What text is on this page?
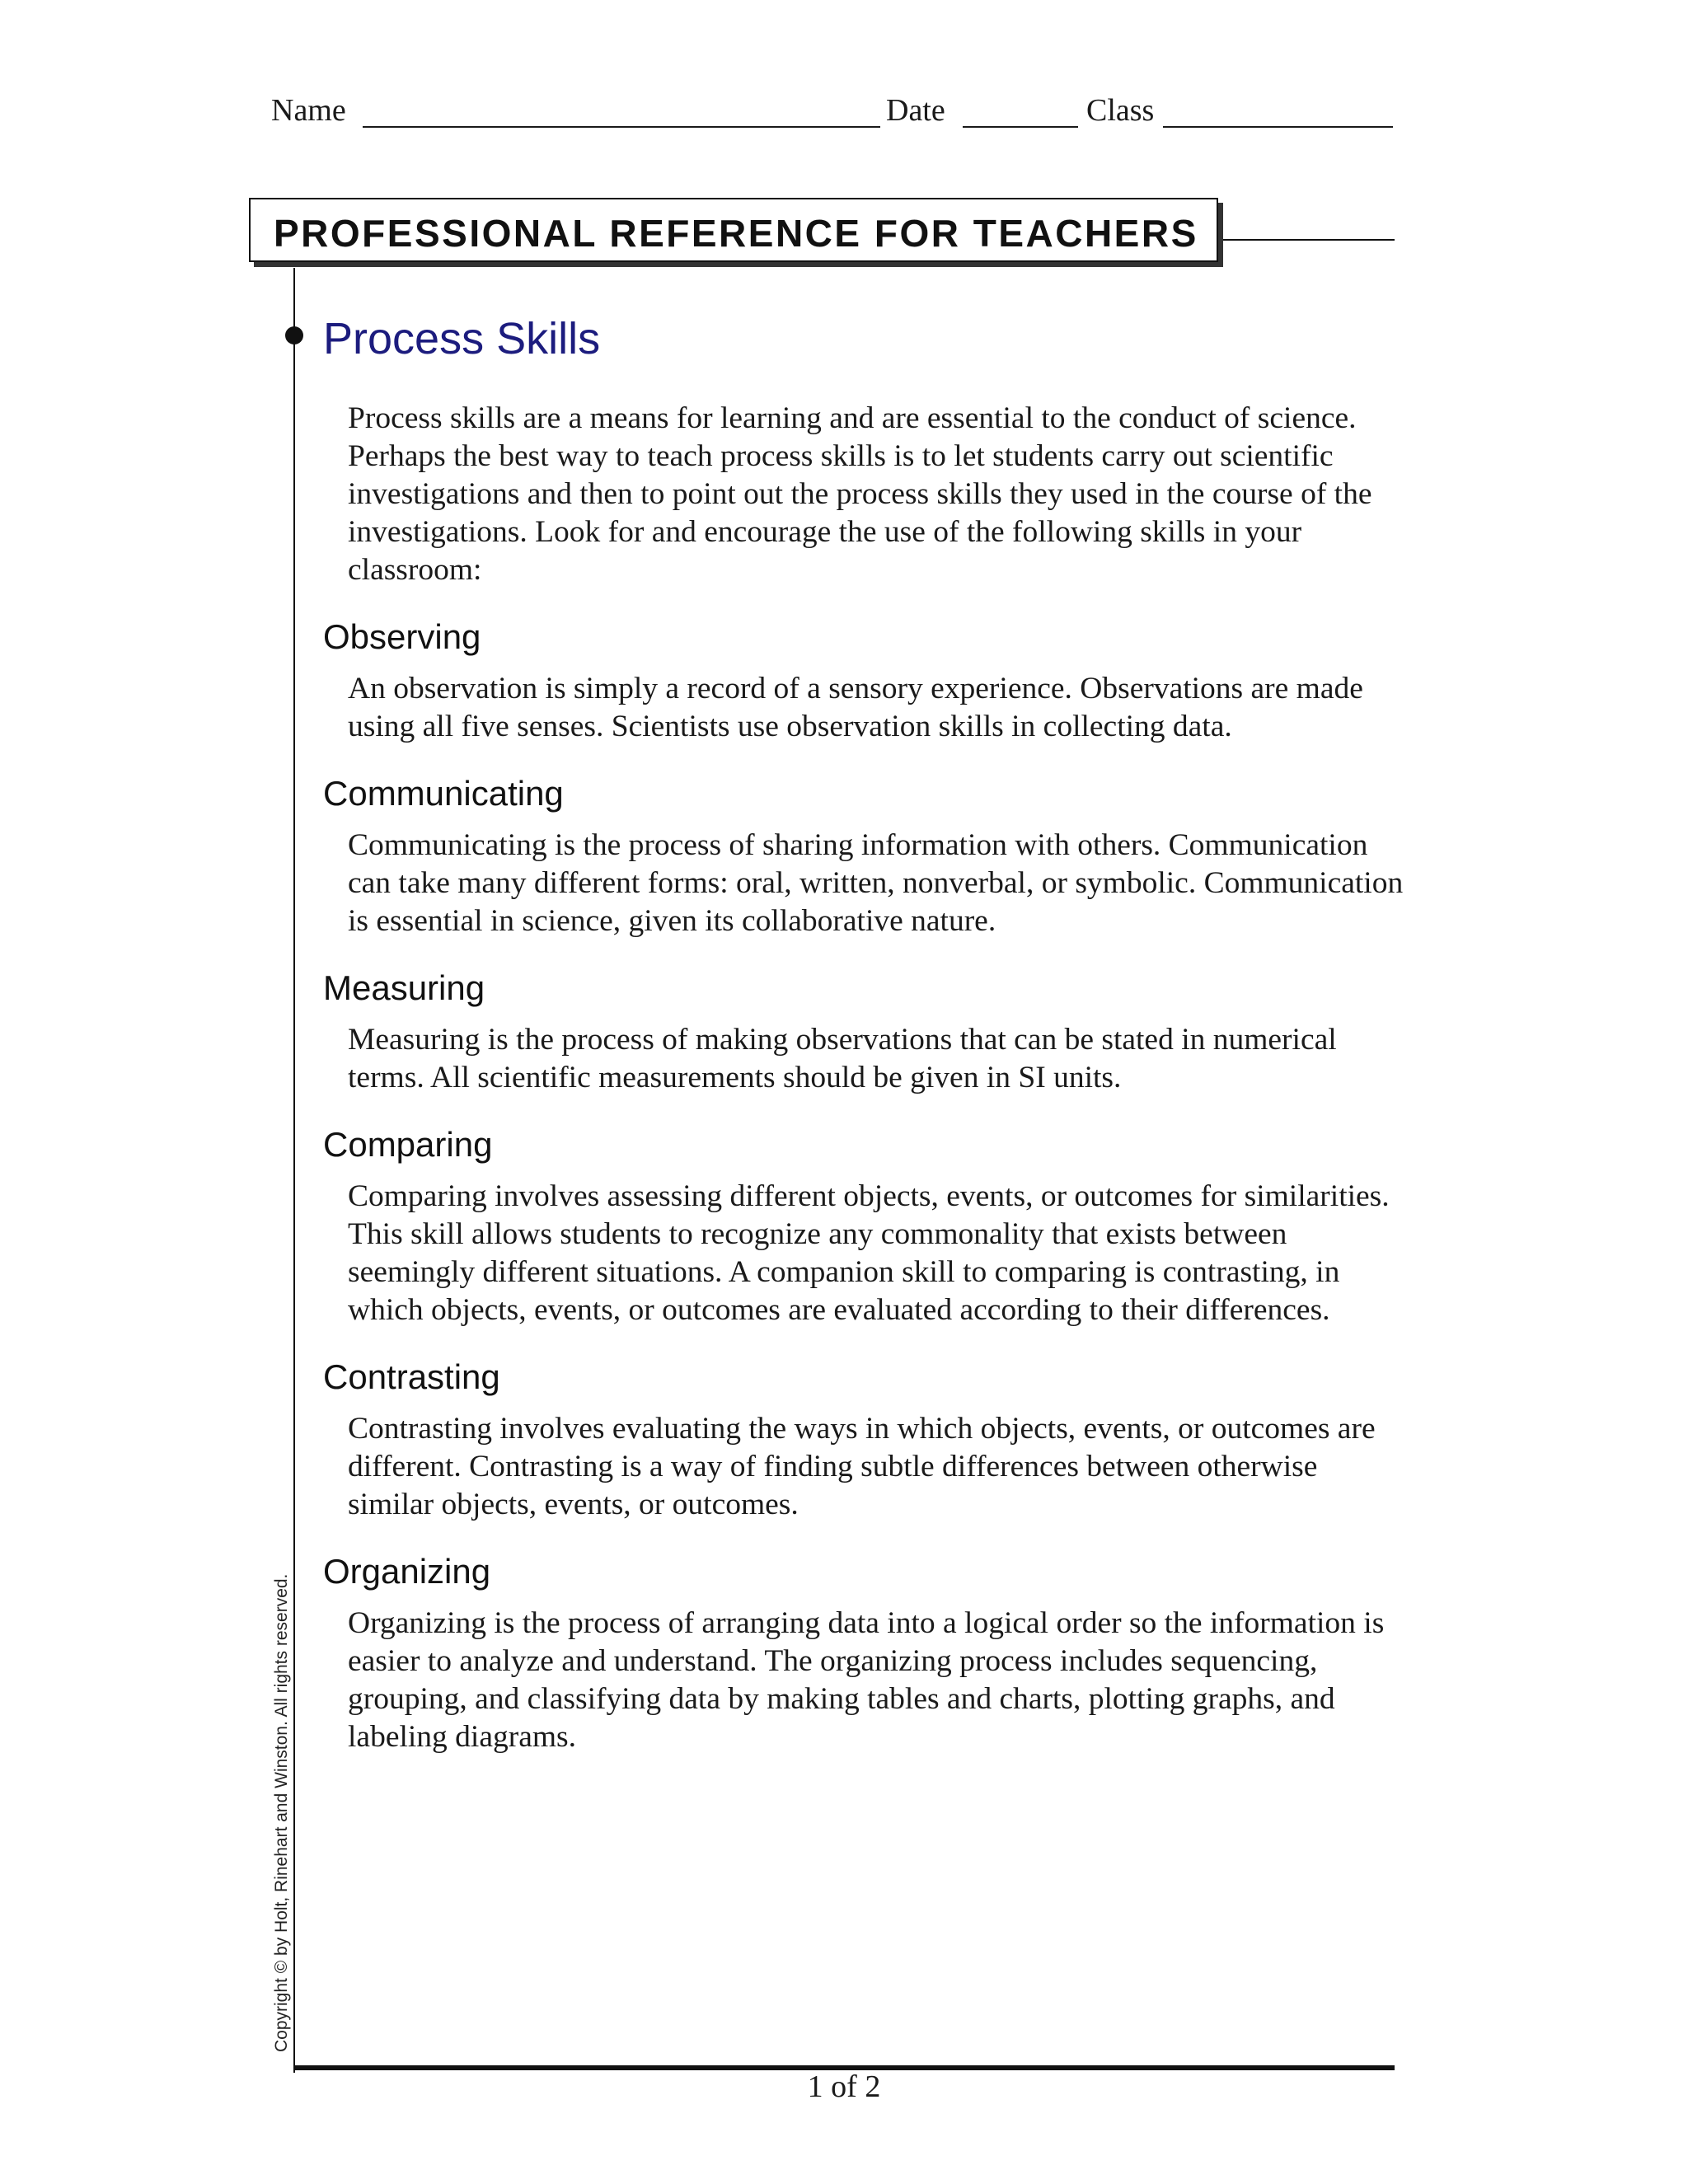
Name	Date	Class
PROFESSIONAL REFERENCE FOR TEACHERS
Process Skills

Process skills are a means for learning and are essential to the conduct of science. Perhaps the best way to teach process skills is to let students carry out scientific investigations and then to point out the process skills they used in the course of the investigations. Look for and encourage the use of the following skills in your classroom:

Observing

An observation is simply a record of a sensory experience. Observations are made using all five senses. Scientists use observation skills in collecting data.

Communicating

Communicating is the process of sharing information with others. Communication can take many different forms: oral, written, nonverbal, or symbolic. Communication is essential in science, given its collaborative nature.

Measuring

Measuring is the process of making observations that can be stated in numerical terms. All scientific measurements should be given in SI units.

Comparing

Comparing involves assessing different objects, events, or outcomes for similarities. This skill allows students to recognize any commonality that exists between seemingly different situations. A companion skill to comparing is contrasting, in which objects, events, or outcomes are evaluated according to their differences.

Contrasting

Contrasting involves evaluating the ways in which objects, events, or outcomes are different. Contrasting is a way of finding subtle differences between otherwise similar objects, events, or outcomes.

Organizing

Organizing is the process of arranging data into a logical order so the information is easier to analyze and understand. The organizing process includes sequencing, grouping, and classifying data by making tables and charts, plotting graphs, and labeling diagrams.

Copyright © by Holt, Rinehart and Winston. All rights reserved.
1 of 2
